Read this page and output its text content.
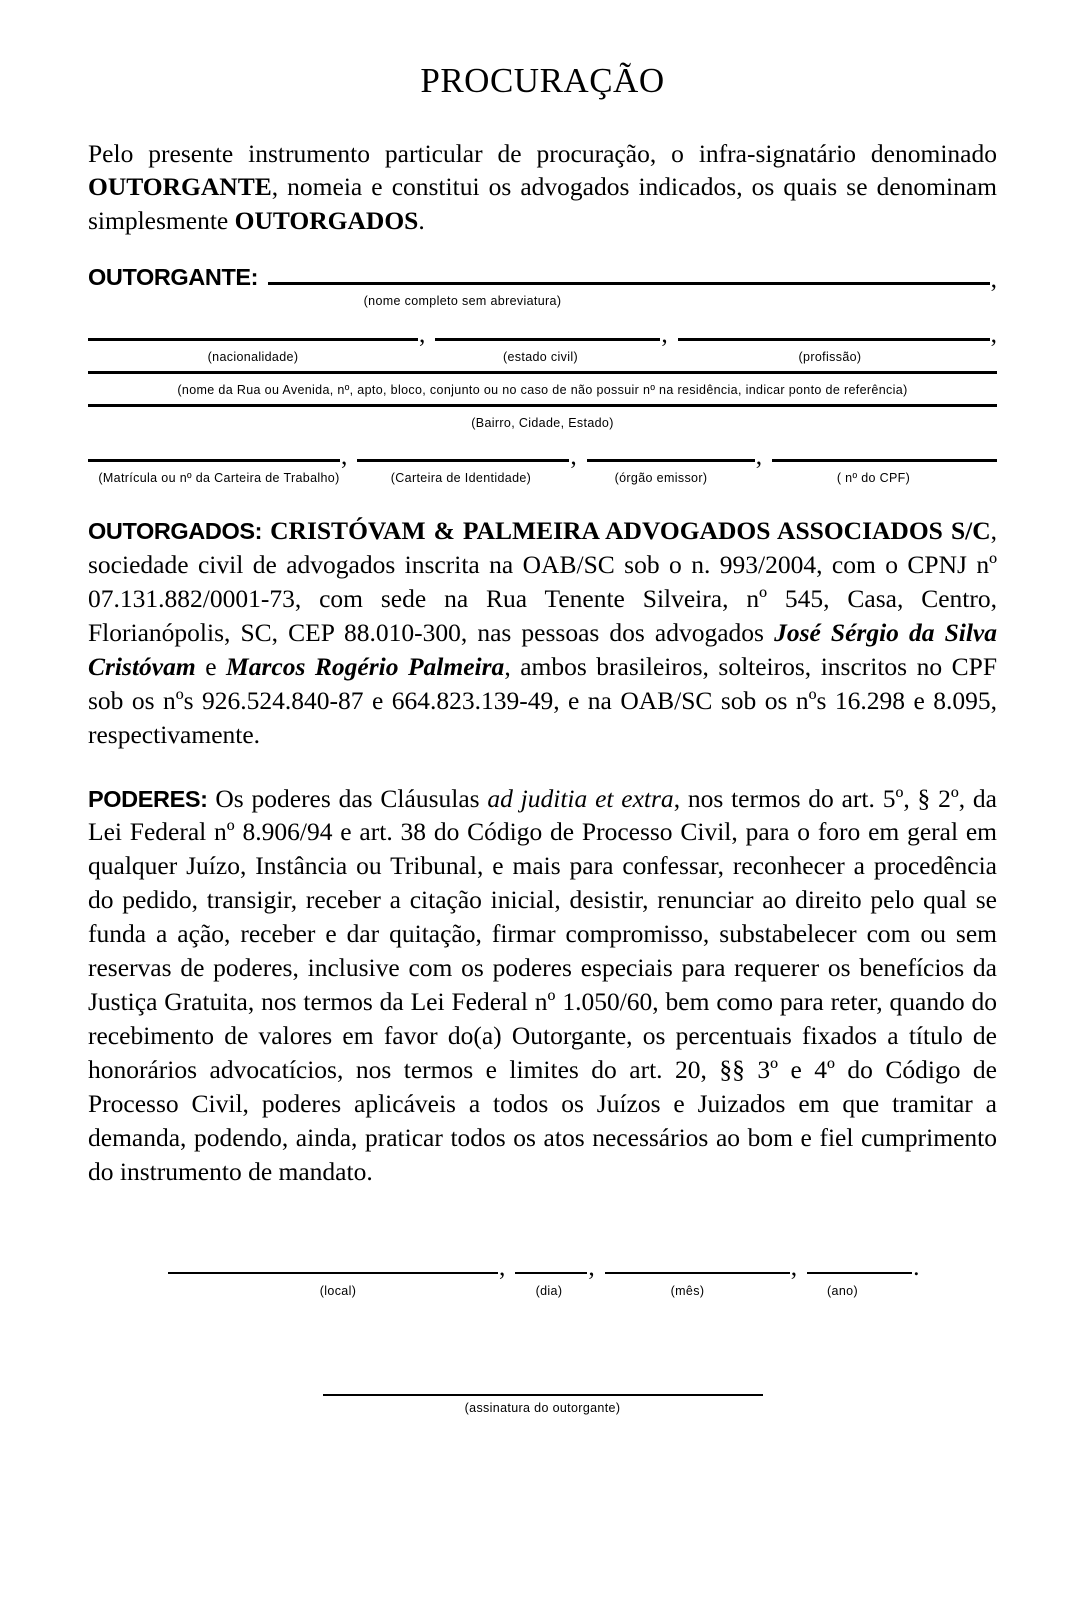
PROCURAÇÃO

Pelo presente instrumento particular de procuração, o infra-signatário denominado OUTORGANTE, nomeia e constitui os advogados indicados, os quais se denominam simplesmente OUTORGADOS.

OUTORGANTE:	,
(nome completo sem abreviatura)
,	,	,
(nacionalidade)	(estado civil)	(profissão)
(nome da Rua ou Avenida, nº, apto, bloco, conjunto ou no caso de não possuir nº na residência, indicar ponto de referência)
(Bairro, Cidade, Estado)
,	,	,
(Matrícula ou nº da Carteira de Trabalho)	(Carteira de Identidade)	(órgão emissor)	( nº do CPF)

OUTORGADOS: CRISTÓVAM & PALMEIRA ADVOGADOS ASSOCIADOS S/C, sociedade civil de advogados inscrita na OAB/SC sob o n. 993/2004, com o CPNJ nº 07.131.882/0001-73, com sede na Rua Tenente Silveira, nº 545, Casa, Centro, Florianópolis, SC, CEP 88.010-300, nas pessoas dos advogados José Sérgio da Silva Cristóvam e Marcos Rogério Palmeira, ambos brasileiros, solteiros, inscritos no CPF sob os nºs 926.524.840-87 e 664.823.139-49, e na OAB/SC sob os nºs 16.298 e 8.095, respectivamente.

PODERES: Os poderes das Cláusulas ad juditia et extra, nos termos do art. 5º, § 2º, da Lei Federal nº 8.906/94 e art. 38 do Código de Processo Civil, para o foro em geral em qualquer Juízo, Instância ou Tribunal, e mais para confessar, reconhecer a procedência do pedido, transigir, receber a citação inicial, desistir, renunciar ao direito pelo qual se funda a ação, receber e dar quitação, firmar compromisso, substabelecer com ou sem reservas de poderes, inclusive com os poderes especiais para requerer os benefícios da Justiça Gratuita, nos termos da Lei Federal nº 1.050/60, bem como para reter, quando do recebimento de valores em favor do(a) Outorgante, os percentuais fixados a título de honorários advocatícios, nos termos e limites do art. 20, §§ 3º e 4º do Código de Processo Civil, poderes aplicáveis a todos os Juízos e Juizados em que tramitar a demanda, podendo, ainda, praticar todos os atos necessários ao bom e fiel cumprimento do instrumento de mandato.

,	,	,	.
(local)	(dia)	(mês)	(ano)
(assinatura do outorgante)
